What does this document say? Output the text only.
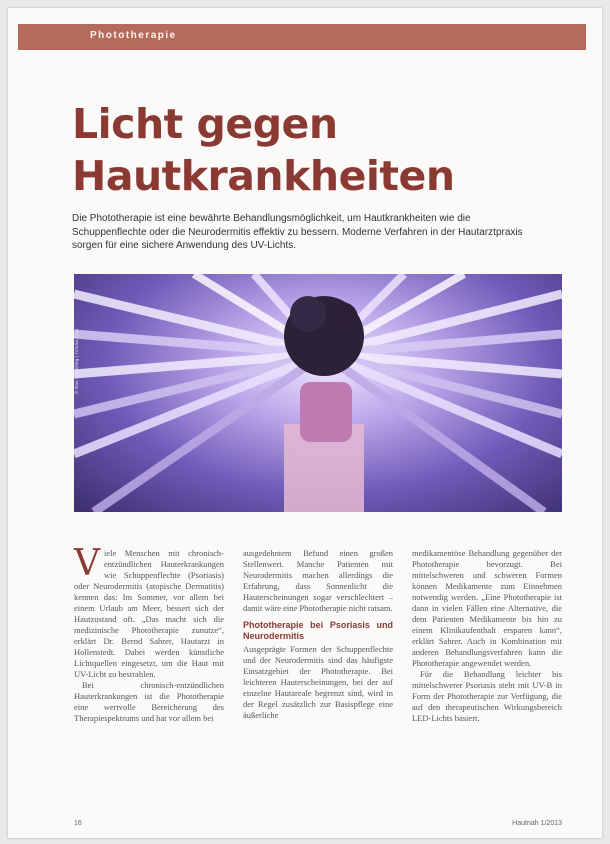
Phototherapie
Licht gegen
Hautkrankheiten
Die Phototherapie ist eine bewährte Behandlungsmöglichkeit, um Hautkrankheiten wie die Schuppenflechte oder die Neurodermitis effektiv zu bessern. Moderne Verfahren in der Hautarztpraxis sorgen für eine sichere Anwendung des UV-Lichts.
© Bas Rabeling | fotolia.com

Viele Menschen mit chronisch-entzündlichen Hauterkrankungen wie Schuppenflechte (Psoriasis) oder Neurodermitis (atopische Dermatitis) kennen das: Im Sommer, vor allem bei einem Urlaub am Meer, bessert sich der Hautzustand oft. „Das macht sich die medizinische Phototherapie zunutze“, erklärt Dr. Bernd Sahrer, Hautarzt in Hollenstedt. Dabei werden künstliche Lichtquellen eingesetzt, um die Haut mit UV-Licht zu bestrahlen.

Bei chronisch-entzündlichen Hauterkrankungen ist die Phototherapie eine wertvolle Bereicherung des Therapiespektrums und hat vor allem bei

ausgedehntem Befund einen großen Stellenwert. Manche Patienten mit Neurodermitis machen allerdings die Erfahrung, dass Sonnenlicht die Hauterscheinungen sogar verschlechtert – damit wäre eine Phototherapie nicht ratsam.

Phototherapie bei Psoriasis und Neurodermitis

Ausgeprägte Formen der Schuppenflechte und der Neurodermitis sind das häufigste Einsatzgebiet der Phototherapie. Bei leichteren Hauterscheinungen, bei der auf einzelne Hautareale begrenzt sind, wird in der Regel zusätzlich zur Basispflege eine äußerliche

medikamentöse Behandlung gegenüber der Phototherapie bevorzugt. Bei mittelschweren und schweren Formen können Medikamente zum Einnehmen notwendig werden. „Eine Phototherapie ist dann in vielen Fällen eine Alternative, die dem Patienten Medikamente bis hin zu einem Klinikaufenthalt ersparen kann“, erklärt Sahrer. Auch in Kombination mit anderen Behandlungsverfahren kann die Phototherapie angewendet werden.

Für die Behandlung leichter bis mittelschwerer Psoriasis steht mit UV-B in Form der Phototherapie zur Verfügung, die auf den therapeutischen Wirkungsbereich LED-Lichts basiert.

16	Hautnah 1/2013
